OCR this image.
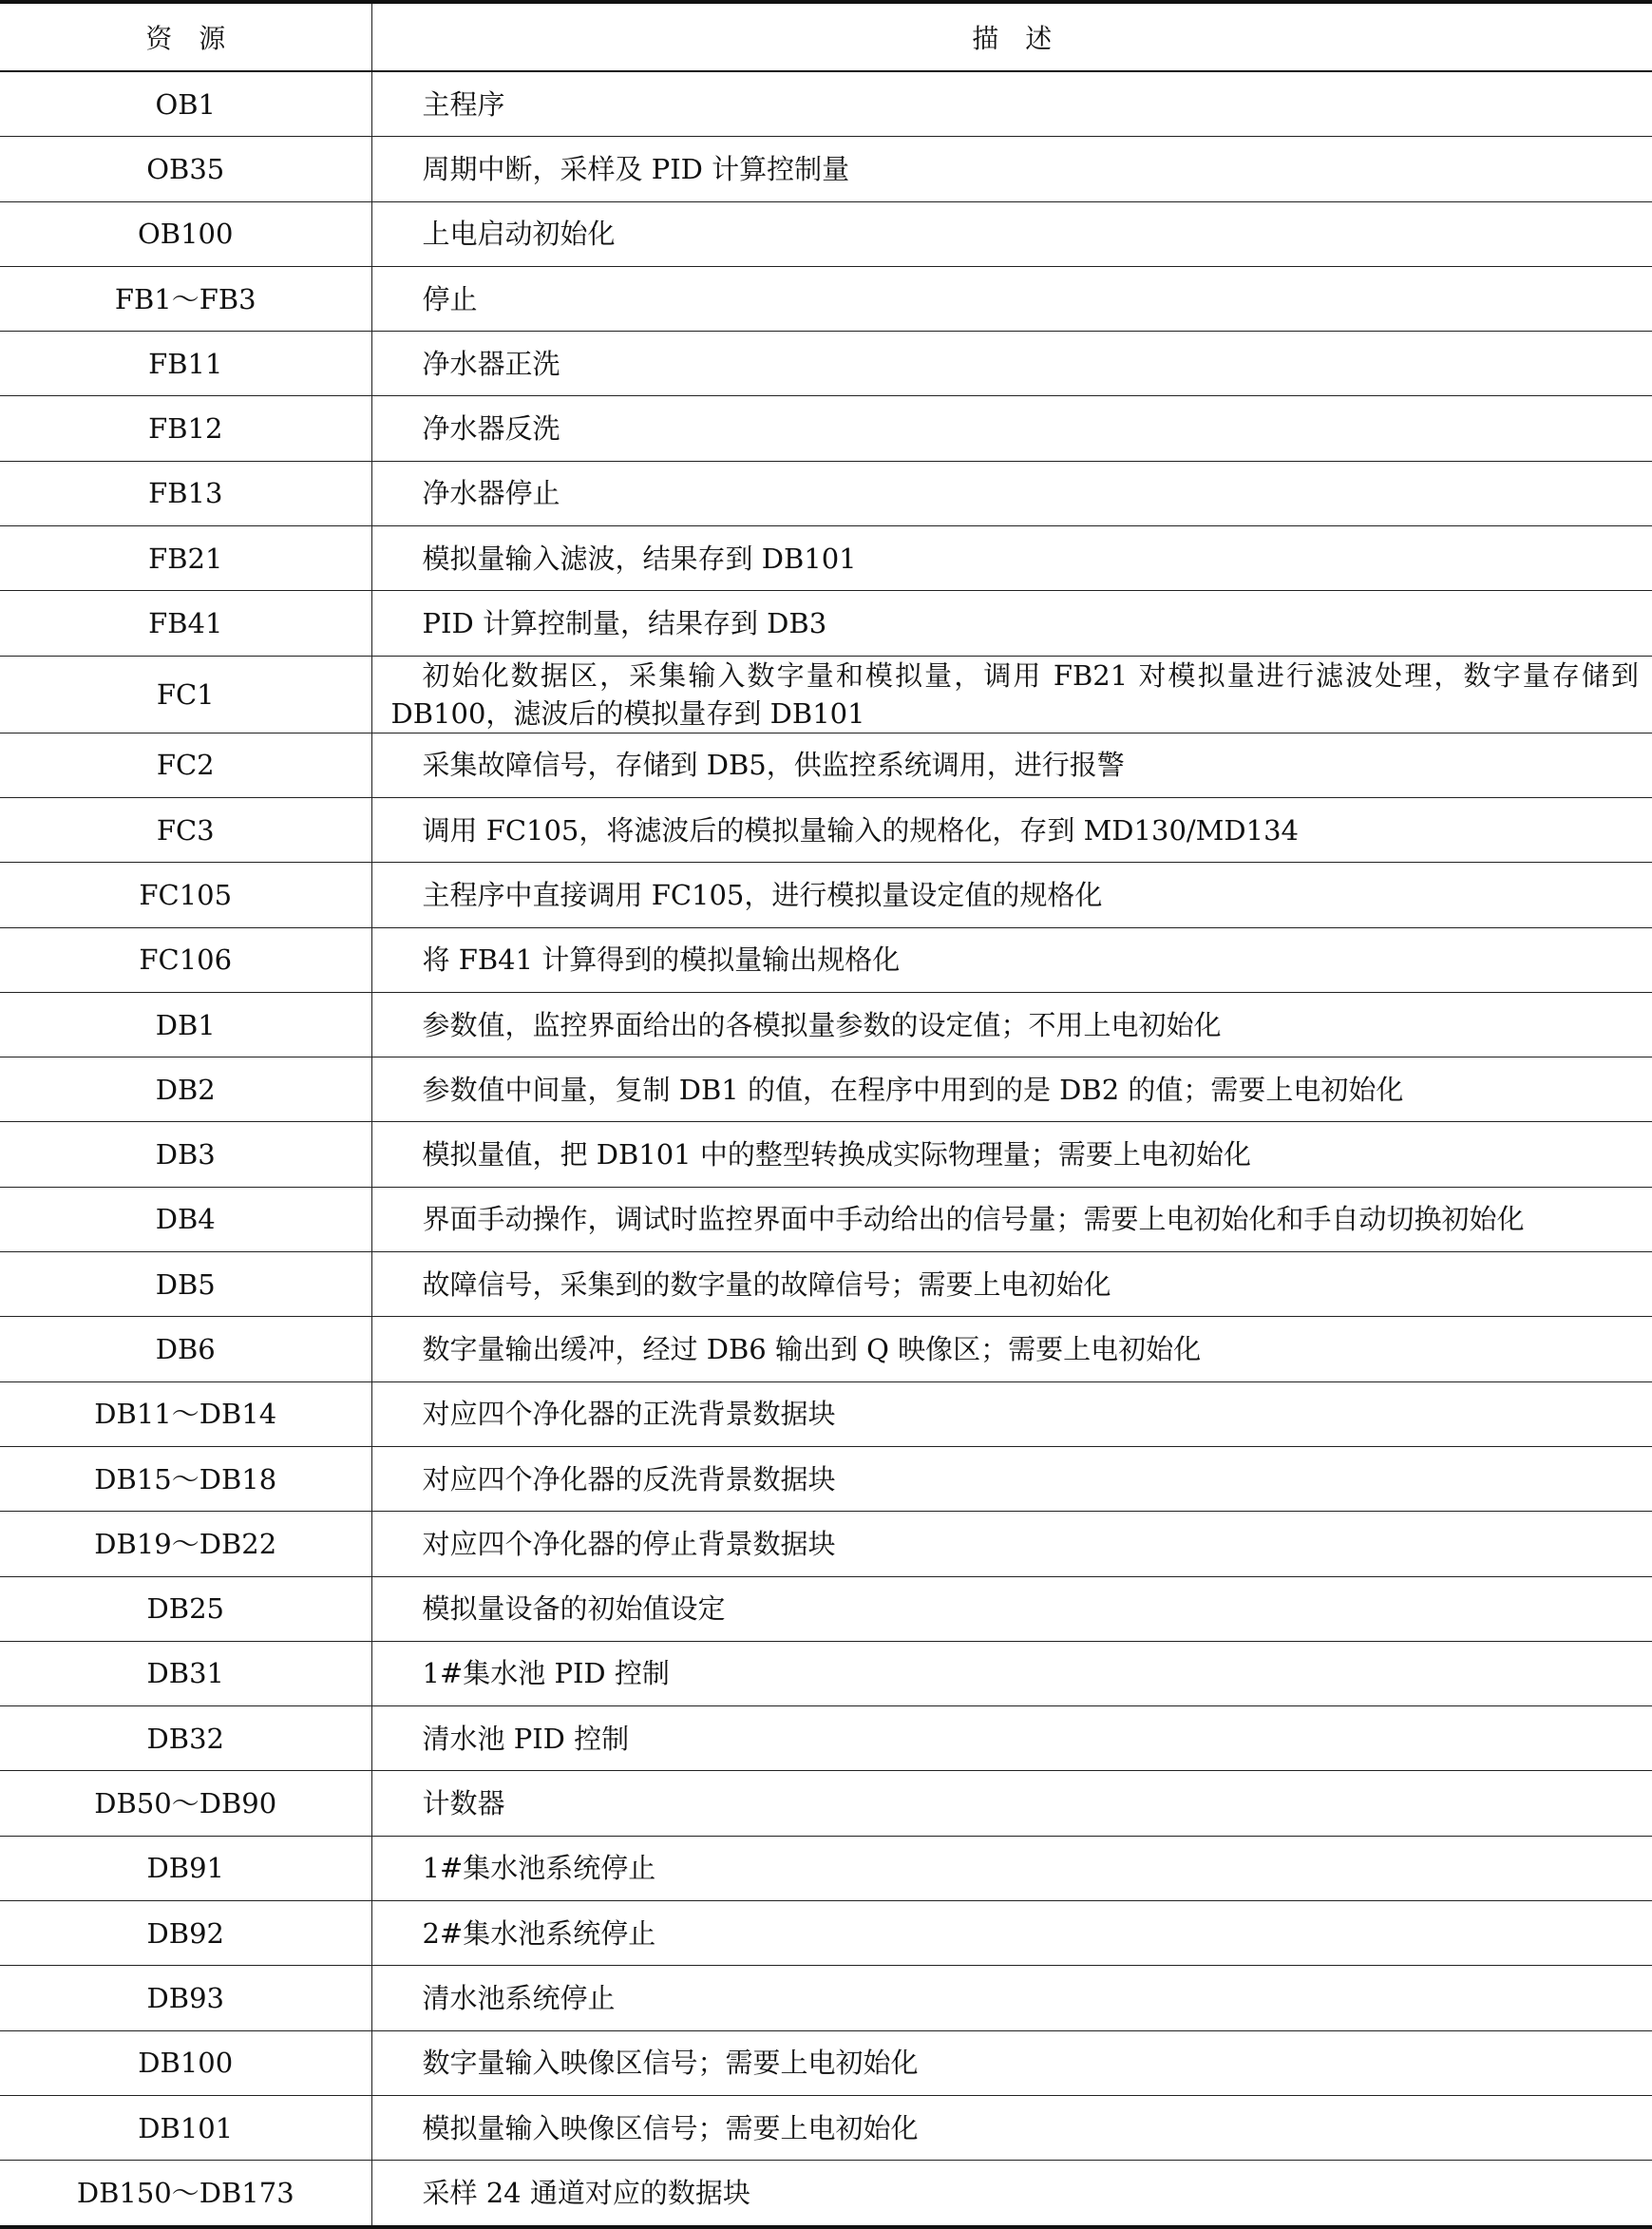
资　源	描　述
OB1	主程序
OB35	周期中断，采样及 PID 计算控制量
OB100	上电启动初始化
FB1～FB3	停止
FB11	净水器正洗
FB12	净水器反洗
FB13	净水器停止
FB21	模拟量输入滤波，结果存到 DB101
FB41	PID 计算控制量，结果存到 DB3
FC1	初始化数据区，采集输入数字量和模拟量，调用 FB21 对模拟量进行滤波处理，数字量存储到 DB100，滤波后的模拟量存到 DB101
FC2	采集故障信号，存储到 DB5，供监控系统调用，进行报警
FC3	调用 FC105，将滤波后的模拟量输入的规格化，存到 MD130/MD134
FC105	主程序中直接调用 FC105，进行模拟量设定值的规格化
FC106	将 FB41 计算得到的模拟量输出规格化
DB1	参数值，监控界面给出的各模拟量参数的设定值；不用上电初始化
DB2	参数值中间量，复制 DB1 的值，在程序中用到的是 DB2 的值；需要上电初始化
DB3	模拟量值，把 DB101 中的整型转换成实际物理量；需要上电初始化
DB4	界面手动操作，调试时监控界面中手动给出的信号量；需要上电初始化和手自动切换初始化
DB5	故障信号，采集到的数字量的故障信号；需要上电初始化
DB6	数字量输出缓冲，经过 DB6 输出到 Q 映像区；需要上电初始化
DB11～DB14	对应四个净化器的正洗背景数据块
DB15～DB18	对应四个净化器的反洗背景数据块
DB19～DB22	对应四个净化器的停止背景数据块
DB25	模拟量设备的初始值设定
DB31	1#集水池 PID 控制
DB32	清水池 PID 控制
DB50～DB90	计数器
DB91	1#集水池系统停止
DB92	2#集水池系统停止
DB93	清水池系统停止
DB100	数字量输入映像区信号；需要上电初始化
DB101	模拟量输入映像区信号；需要上电初始化
DB150～DB173	采样 24 通道对应的数据块
